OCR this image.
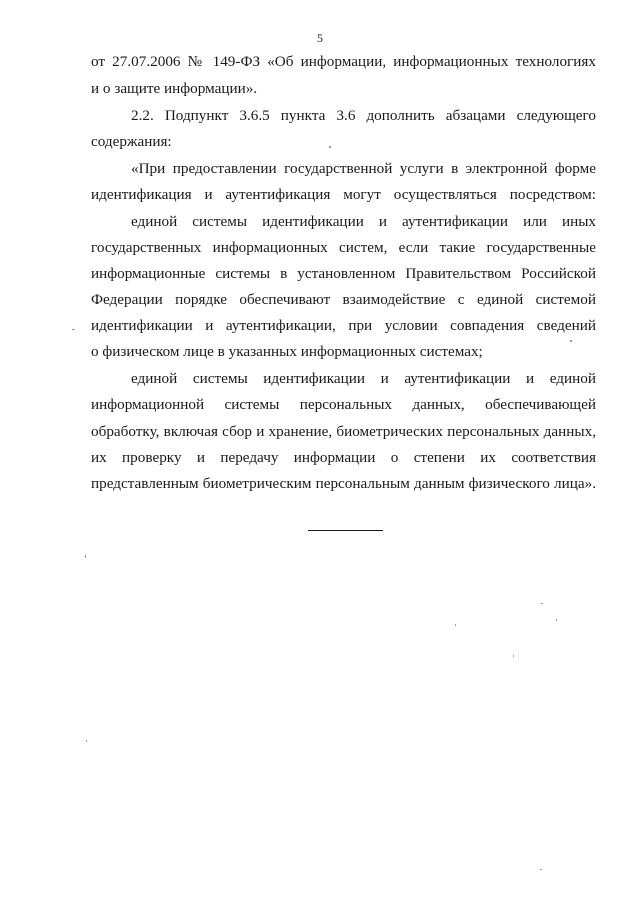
5
от 27.07.2006 № 149-ФЗ «Об информации, информационных технологиях
и о защите информации».
2.2. Подпункт 3.6.5 пункта 3.6 дополнить абзацами следующего
содержания:
«При предоставлении государственной услуги в электронной форме
идентификация и аутентификация могут осуществляться посредством:
единой системы идентификации и аутентификации или иных
государственных информационных систем, если такие государственные
информационные системы в установленном Правительством Российской
Федерации порядке обеспечивают взаимодействие с единой системой
идентификации и аутентификации, при условии совпадения сведений
о физическом лице в указанных информационных системах;
единой системы идентификации и аутентификации и единой
информационной системы персональных данных, обеспечивающей
обработку, включая сбор и хранение, биометрических персональных данных,
их проверку и передачу информации о степени их соответствия
представленным биометрическим персональным данным физического лица».
